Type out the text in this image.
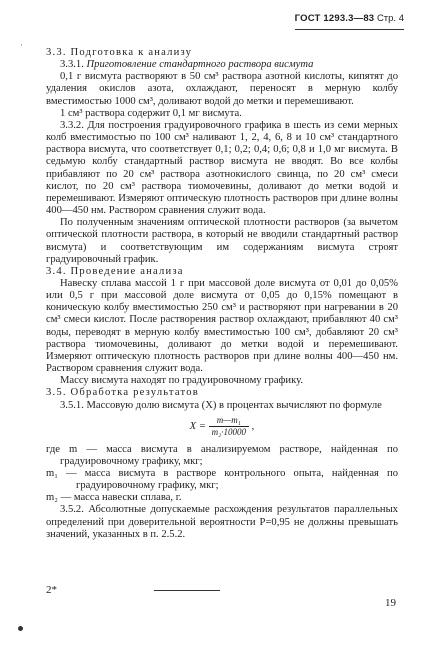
ГОСТ 1293.3—83 Стр. 4
·

3.3. Подготовка к анализу

3.3.1. Приготовление стандартного раствора висмута

0,1 г висмута растворяют в 50 см³ раствора азотной кислоты, кипятят до удаления окислов азота, охлаждают, переносят в мерную колбу вместимостью 1000 см³, доливают водой до метки и перемешивают.

1 см³ раствора содержит 0,1 мг висмута.

3.3.2. Для построения градуировочного графика в шесть из семи мерных колб вместимостью по 100 см³ наливают 1, 2, 4, 6, 8 и 10 см³ стандартного раствора висмута, что соответствует 0,1; 0,2; 0,4; 0,6; 0,8 и 1,0 мг висмута. В седьмую колбу стандартный раствор висмута не вводят. Во все колбы прибавляют по 20 см³ раствора азотнокислого свинца, по 20 см³ смеси кислот, по 20 см³ раствора тиомочевины, доливают до метки водой и перемешивают. Измеряют оптическую плотность растворов при длине волны 400—450 нм. Раствором сравнения служит вода.

По полученным значениям оптической плотности растворов (за вычетом оптической плотности раствора, в который не вводили стандартный раствор висмута) и соответствующим им содержаниям висмута строят градуировочный график.

3.4. Проведение анализа

Навеску сплава массой 1 г при массовой доле висмута от 0,01 до 0,05% или 0,5 г при массовой доле висмута от 0,05 до 0,15% помещают в коническую колбу вместимостью 250 см³ и растворяют при нагревании в 20 см³ смеси кислот. После растворения раствор охлаждают, прибавляют 40 см³ воды, переводят в мерную колбу вместимостью 100 см³, добавляют 20 см³ раствора тиомочевины, доливают до метки водой и перемешивают. Измеряют оптическую плотность растворов при длине волны 400—450 нм. Раствором сравнения служит вода.

Массу висмута находят по градуировочному графику.

3.5. Обработка результатов

3.5.1. Массовую долю висмута (X) в процентах вычисляют по формуле

$X = \frac{\text{m—m₁}}{\text{m₂·10000}}$ ,

где m — масса висмута в анализируемом растворе, найденная по градуировочному графику, мкг;

m₁ — масса висмута в растворе контрольного опыта, найденная по градуировочному графику, мкг;

m₂ — масса навески сплава, г.

3.5.2. Абсолютные допускаемые расхождения результатов параллельных определений при доверительной вероятности P=0,95 не должны превышать значений, указанных в п. 2.5.2.

2*
19
